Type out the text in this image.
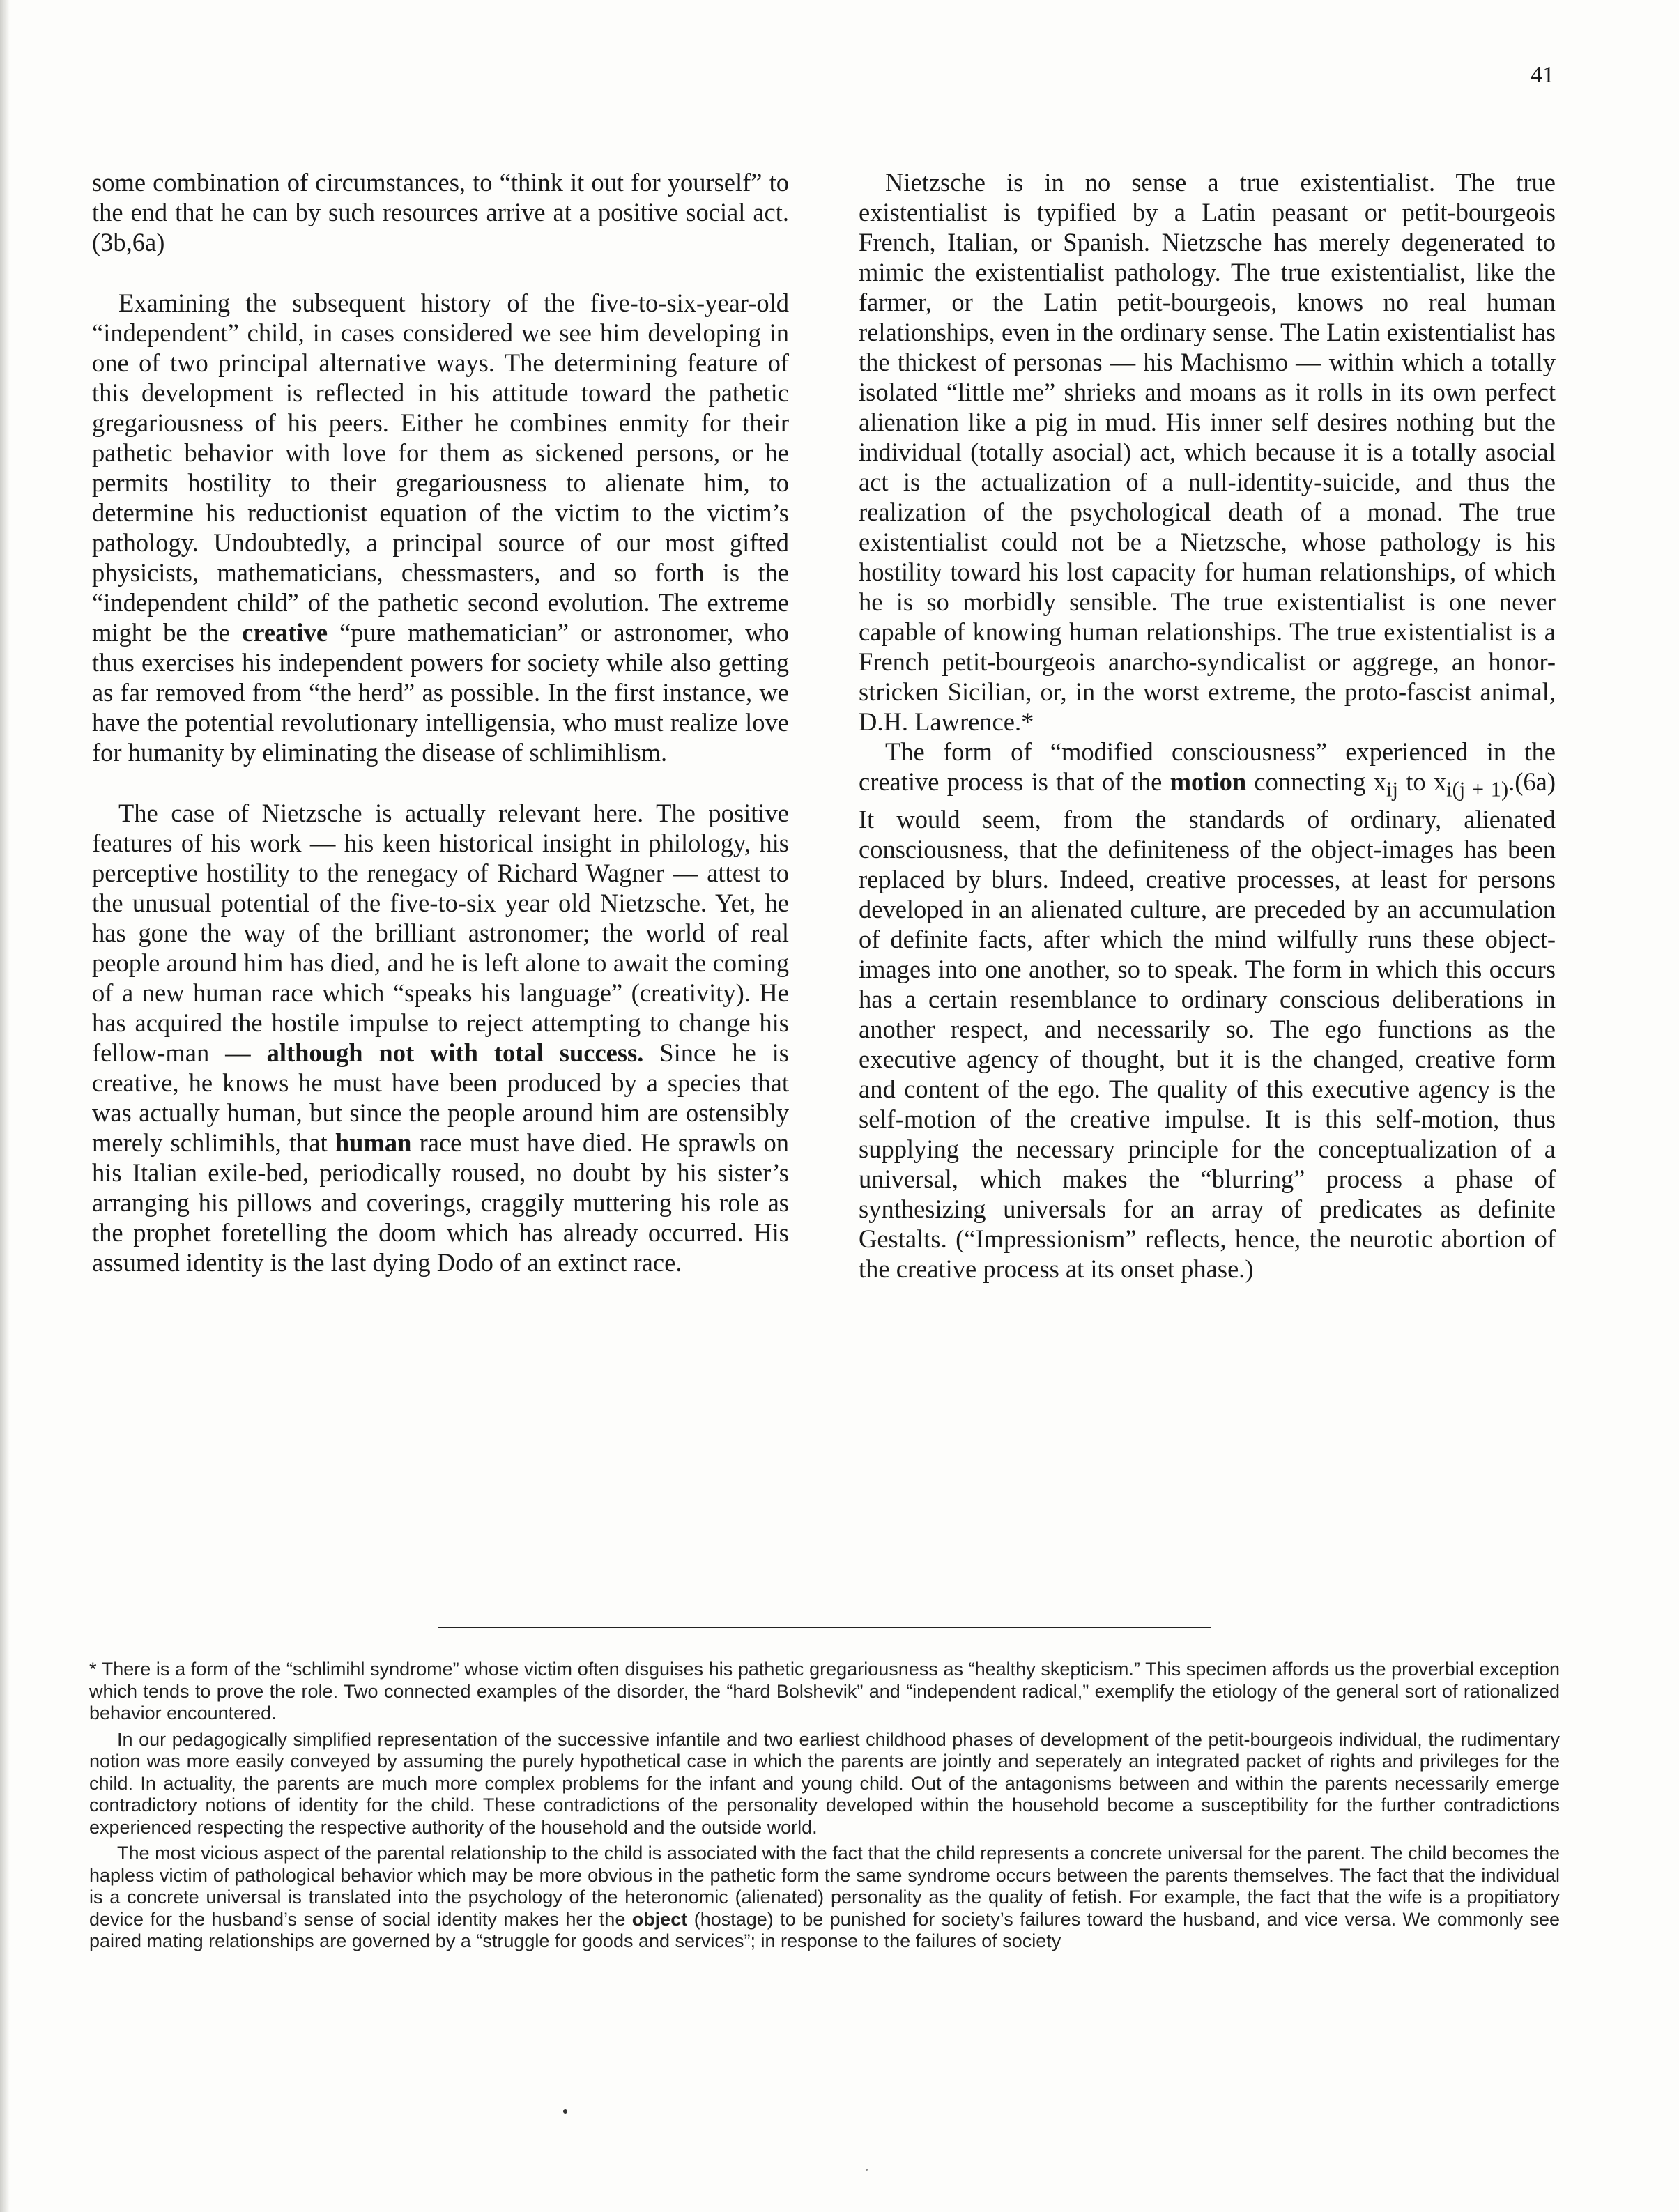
41

some combination of circumstances, to “think it out for yourself” to the end that he can by such resources arrive at a positive social act.(3b,6a)

Examining the subsequent history of the five-to-six-year-old “independent” child, in cases considered we see him developing in one of two principal alternative ways. The determining feature of this development is reflected in his attitude toward the pathetic gregariousness of his peers. Either he combines enmity for their pathetic behavior with love for them as sickened persons, or he permits hostility to their gregariousness to alienate him, to determine his reductionist equation of the victim to the victim’s pathology. Undoubtedly, a principal source of our most gifted physicists, mathematicians, chessmasters, and so forth is the “independent child” of the pathetic second evolution. The extreme might be the creative “pure mathematician” or astronomer, who thus exercises his independent powers for society while also getting as far removed from “the herd” as possible. In the first instance, we have the potential revolutionary intelligensia, who must realize love for humanity by eliminating the disease of schlimihlism.

The case of Nietzsche is actually relevant here. The positive features of his work — his keen historical insight in philology, his perceptive hostility to the renegacy of Richard Wagner — attest to the unusual potential of the five-to-six year old Nietzsche. Yet, he has gone the way of the brilliant astronomer; the world of real people around him has died, and he is left alone to await the coming of a new human race which “speaks his language” (creativity). He has acquired the hostile impulse to reject attempting to change his fellow-man — although not with total success. Since he is creative, he knows he must have been produced by a species that was actually human, but since the people around him are ostensibly merely schlimihls, that human race must have died. He sprawls on his Italian exile-bed, periodically roused, no doubt by his sister’s arranging his pillows and coverings, craggily muttering his role as the prophet foretelling the doom which has already occurred. His assumed identity is the last dying Dodo of an extinct race.

Nietzsche is in no sense a true existentialist. The true existentialist is typified by a Latin peasant or petit-bourgeois French, Italian, or Spanish. Nietzsche has merely degenerated to mimic the existentialist pathology. The true existentialist, like the farmer, or the Latin petit-bourgeois, knows no real human relationships, even in the ordinary sense. The Latin existentialist has the thickest of personas — his Machismo — within which a totally isolated “little me” shrieks and moans as it rolls in its own perfect alienation like a pig in mud. His inner self desires nothing but the individual (totally asocial) act, which because it is a totally asocial act is the actualization of a null-identity-suicide, and thus the realization of the psychological death of a monad. The true existentialist could not be a Nietzsche, whose pathology is his hostility toward his lost capacity for human relationships, of which he is so morbidly sensible. The true existentialist is one never capable of knowing human relationships. The true existentialist is a French petit-bourgeois anarcho-syndicalist or aggrege, an honor-stricken Sicilian, or, in the worst extreme, the proto-fascist animal, D.H. Lawrence.*

The form of “modified consciousness” experienced in the creative process is that of the motion connecting $x_{ij}$ to $x_{i(j + 1)}.(6a)$ It would seem, from the standards of ordinary, alienated consciousness, that the definiteness of the object-images has been replaced by blurs. Indeed, creative processes, at least for persons developed in an alienated culture, are preceded by an accumulation of definite facts, after which the mind wilfully runs these object-images into one another, so to speak. The form in which this occurs has a certain resemblance to ordinary conscious deliberations in another respect, and necessarily so. The ego functions as the executive agency of thought, but it is the changed, creative form and content of the ego. The quality of this executive agency is the self-motion of the creative impulse. It is this self-motion, thus supplying the necessary principle for the conceptualization of a universal, which makes the “blurring” process a phase of synthesizing universals for an array of predicates as definite Gestalts. (“Impressionism” reflects, hence, the neurotic abortion of the creative process at its onset phase.)

* There is a form of the “schlimihl syndrome” whose victim often disguises his pathetic gregariousness as “healthy skepticism.” This specimen affords us the proverbial exception which tends to prove the role. Two connected examples of the disorder, the “hard Bolshevik” and “independent radical,” exemplify the etiology of the general sort of rationalized behavior encountered.

In our pedagogically simplified representation of the successive infantile and two earliest childhood phases of development of the petit-bourgeois individual, the rudimentary notion was more easily conveyed by assuming the purely hypothetical case in which the parents are jointly and seperately an integrated packet of rights and privileges for the child. In actuality, the parents are much more complex problems for the infant and young child. Out of the antagonisms between and within the parents necessarily emerge contradictory notions of identity for the child. These contradictions of the personality developed within the household become a susceptibility for the further contradictions experienced respecting the respective authority of the household and the outside world.

The most vicious aspect of the parental relationship to the child is associated with the fact that the child represents a concrete universal for the parent. The child becomes the hapless victim of pathological behavior which may be more obvious in the pathetic form the same syndrome occurs between the parents themselves. The fact that the individual is a concrete universal is translated into the psychology of the heteronomic (alienated) personality as the quality of fetish. For example, the fact that the wife is a propitiatory device for the husband’s sense of social identity makes her the object (hostage) to be punished for society’s failures toward the husband, and vice versa. We commonly see paired mating relationships are governed by a “struggle for goods and services”; in response to the failures of society
